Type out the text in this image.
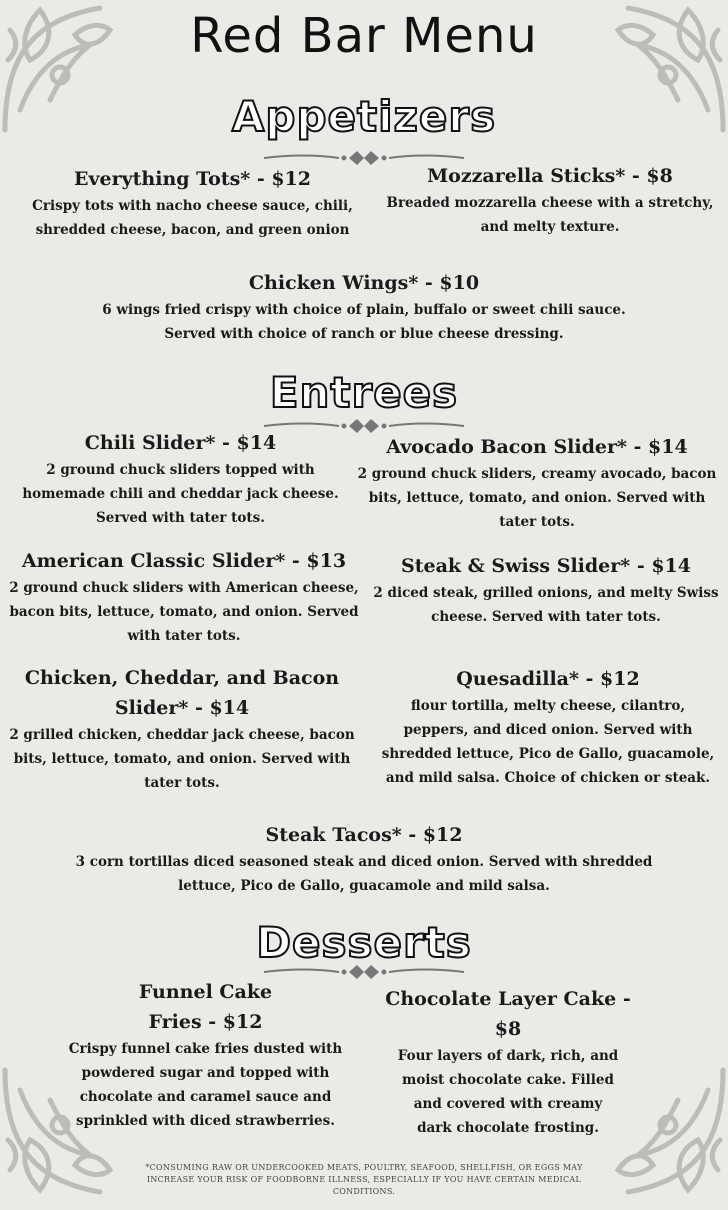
Red Bar Menu
Appetizers
Everything Tots* - $12
Crispy tots with nacho cheese sauce, chili, shredded cheese, bacon, and green onion
Mozzarella Sticks* - $8
Breaded mozzarella cheese with a stretchy, and melty texture.
Chicken Wings* - $10
6 wings fried crispy with choice of plain, buffalo or sweet chili sauce. Served with choice of ranch or blue cheese dressing.
Entrees
Chili Slider* - $14
2 ground chuck sliders topped with homemade chili and cheddar jack cheese. Served with tater tots.
Avocado Bacon Slider* - $14
2 ground chuck sliders, creamy avocado, bacon bits, lettuce, tomato, and onion. Served with tater tots.
American Classic Slider* - $13
2 ground chuck sliders with American cheese, bacon bits, lettuce, tomato, and onion. Served with tater tots.
Steak & Swiss Slider* - $14
2 diced steak, grilled onions, and melty Swiss cheese. Served with tater tots.
Chicken, Cheddar, and Bacon Slider* - $14
2 grilled chicken, cheddar jack cheese, bacon bits, lettuce, tomato, and onion. Served with tater tots.
Quesadilla* - $12
flour tortilla, melty cheese, cilantro, peppers, and diced onion. Served with shredded lettuce, Pico de Gallo, guacamole, and mild salsa. Choice of chicken or steak.
Steak Tacos* - $12
3 corn tortillas diced seasoned steak and diced onion. Served with shredded lettuce, Pico de Gallo, guacamole and mild salsa.
Desserts
Funnel Cake Fries - $12
Crispy funnel cake fries dusted with powdered sugar and topped with chocolate and caramel sauce and sprinkled with diced strawberries.
Chocolate Layer Cake - $8
Four layers of dark, rich, and moist chocolate cake. Filled and covered with creamy dark chocolate frosting.
*CONSUMING RAW OR UNDERCOOKED MEATS, POULTRY, SEAFOOD, SHELLFISH, OR EGGS MAY INCREASE YOUR RISK OF FOODBORNE ILLNESS, ESPECIALLY IF YOU HAVE CERTAIN MEDICAL CONDITIONS.
